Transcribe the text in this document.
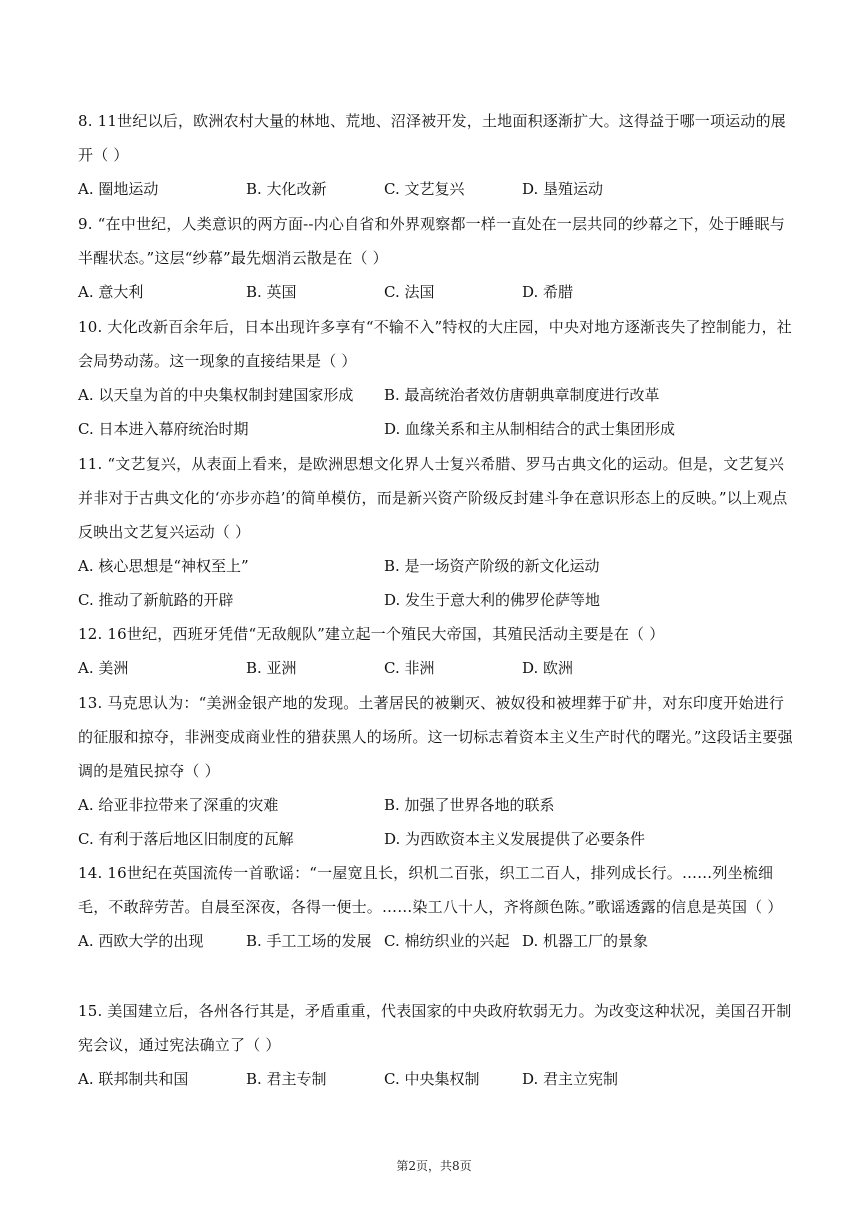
8. 11世纪以后，欧洲农村大量的林地、荒地、沼泽被开发，土地面积逐渐扩大。这得益于哪一项运动的展开（ ）

A. 圈地运动	B. 大化改新	C. 文艺复兴	D. 垦殖运动

9. “在中世纪，人类意识的两方面--内心自省和外界观察都一样一直处在一层共同的纱幕之下，处于睡眠与半醒状态。”这层“纱幕”最先烟消云散是在（ ）

A. 意大利	B. 英国	C. 法国	D. 希腊

10. 大化改新百余年后，日本出现许多享有“不输不入”特权的大庄园，中央对地方逐渐丧失了控制能力，社会局势动荡。这一现象的直接结果是（ ）

A. 以天皇为首的中央集权制封建国家形成 B. 最高统治者效仿唐朝典章制度进行改革
C. 日本进入幕府统治时期	D. 血缘关系和主从制相结合的武士集团形成

11. “文艺复兴，从表面上看来，是欧洲思想文化界人士复兴希腊、罗马古典文化的运动。但是，文艺复兴并非对于古典文化的‘亦步亦趋’的简单模仿，而是新兴资产阶级反封建斗争在意识形态上的反映。”以上观点反映出文艺复兴运动（ ）

A. 核心思想是“神权至上”	B. 是一场资产阶级的新文化运动
C. 推动了新航路的开辟	D. 发生于意大利的佛罗伦萨等地

12. 16世纪，西班牙凭借“无敌舰队”建立起一个殖民大帝国，其殖民活动主要是在（ ）

A. 美洲	B. 亚洲	C. 非洲	D. 欧洲

13. 马克思认为：“美洲金银产地的发现。土著居民的被剿灭、被奴役和被埋葬于矿井，对东印度开始进行的征服和掠夺，非洲变成商业性的猎获黑人的场所。这一切标志着资本主义生产时代的曙光。”这段话主要强调的是殖民掠夺（ ）

A. 给亚非拉带来了深重的灾难	B. 加强了世界各地的联系
C. 有利于落后地区旧制度的瓦解	D. 为西欧资本主义发展提供了必要条件

14. 16世纪在英国流传一首歌谣：“一屋宽且长，织机二百张，织工二百人，排列成长行。……列坐梳细毛，不敢辞劳苦。自晨至深夜，各得一便士。……染工八十人，齐将颜色陈。”歌谣透露的信息是英国（ ）

A. 西欧大学的出现	B. 手工工场的发展 C. 棉纺织业的兴起 D. 机器工厂的景象

15. 美国建立后，各州各行其是，矛盾重重，代表国家的中央政府软弱无力。为改变这种状况，美国召开制宪会议，通过宪法确立了（ ）

A. 联邦制共和国	B. 君主专制	C. 中央集权制	D. 君主立宪制
第2页，共8页
